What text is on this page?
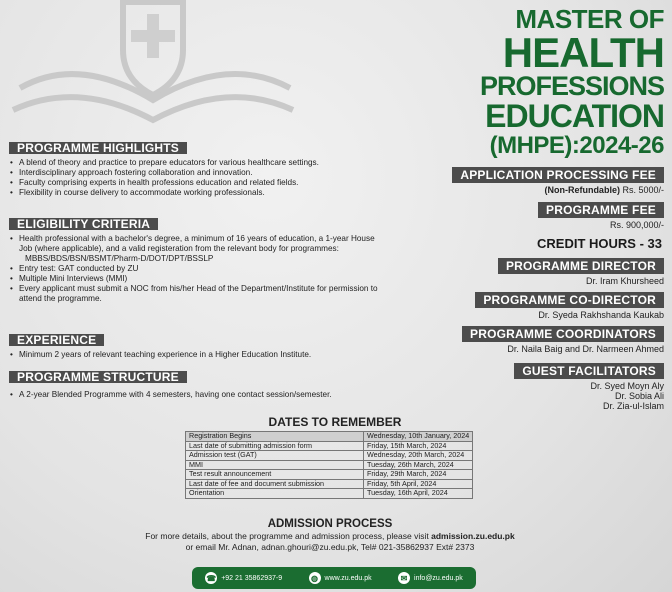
MASTER OF
HEALTH
PROFESSIONS
EDUCATION
(MHPE):2024-26
APPLICATION PROCESSING FEE
(Non-Refundable) Rs. 5000/-
PROGRAMME FEE
Rs. 900,000/-
CREDIT HOURS - 33
PROGRAMME DIRECTOR
Dr. Iram Khursheed
PROGRAMME CO-DIRECTOR
Dr. Syeda Rakhshanda Kaukab
PROGRAMME COORDINATORS
Dr. Naila Baig and Dr. Narmeen Ahmed
GUEST FACILITATORS
Dr. Syed Moyn Aly
Dr. Sobia Ali
Dr. Zia-ul-Islam
PROGRAMME HIGHLIGHTS
• A blend of theory and practice to prepare educators for various healthcare settings.
• Interdisciplinary approach fostering collaboration and innovation.
• Faculty comprising experts in health professions education and related fields.
• Flexibility in course delivery to accommodate working professionals.
ELIGIBILITY CRITERIA
• Health professional with a bachelor's degree, a minimum of 16 years of education, a 1-year House Job (where applicable), and a valid registeration from the relevant body for programmes:
MBBS/BDS/BSN/BSMT/Pharm-D/DOT/DPT/BSSLP
• Entry test: GAT conducted by ZU
• Multiple Mini Interviews (MMI)
• Every applicant must submit a NOC from his/her Head of the Department/Institute for permission to attend the programme.
EXPERIENCE
• Minimum 2 years of relevant teaching experience in a Higher Education Institute.
PROGRAMME STRUCTURE
• A 2-year Blended Programme with 4 semesters, having one contact session/semester.
DATES TO REMEMBER
Registration Begins	Wednesday, 10th January, 2024
Last date of submitting admission form	Friday, 15th March, 2024
Admission test (GAT)	Wednesday, 20th March, 2024
MMI	Tuesday, 26th March, 2024
Test result announcement	Friday, 29th March, 2024
Last date of fee and document submission	Friday, 5th April, 2024
Orientation	Tuesday, 16th April, 2024
ADMISSION PROCESS
For more details, about the programme and admission process, please visit admission.zu.edu.pk
or email Mr. Adnan, adnan.ghouri@zu.edu.pk, Tel# 021-35862937 Ext# 2373
☎ +92 21 35862937-9	◍ www.zu.edu.pk	✉ info@zu.edu.pk
